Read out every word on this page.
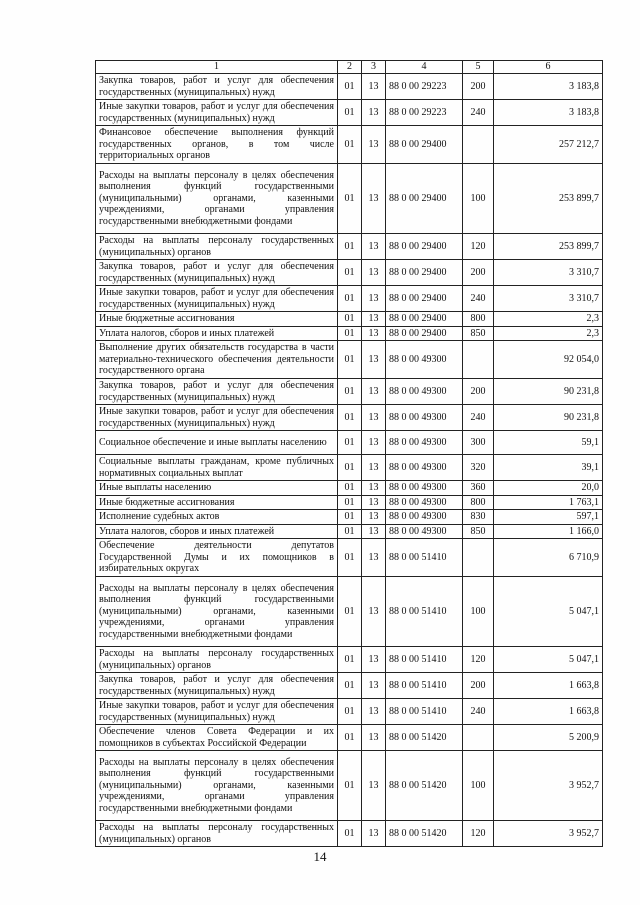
1	2	3	4	5	6
Закупка товаров, работ и услуг для обеспечения государственных (муниципальных) нужд	01	13	88 0 00 29223	200	3 183,8
Иные закупки товаров, работ и услуг для обеспечения государственных (муниципальных) нужд	01	13	88 0 00 29223	240	3 183,8
Финансовое обеспечение выполнения функций государственных органов, в том числе территориальных органов	01	13	88 0 00 29400		257 212,7
Расходы на выплаты персоналу в целях обеспечения выполнения функций государственными (муниципальными) органами, казенными учреждениями, органами управления государственными внебюджетными фондами	01	13	88 0 00 29400	100	253 899,7
Расходы на выплаты персоналу государственных (муниципальных) органов	01	13	88 0 00 29400	120	253 899,7
Закупка товаров, работ и услуг для обеспечения государственных (муниципальных) нужд	01	13	88 0 00 29400	200	3 310,7
Иные закупки товаров, работ и услуг для обеспечения государственных (муниципальных) нужд	01	13	88 0 00 29400	240	3 310,7
Иные бюджетные ассигнования	01	13	88 0 00 29400	800	2,3
Уплата налогов, сборов и иных платежей	01	13	88 0 00 29400	850	2,3
Выполнение других обязательств государства в части материально-технического обеспечения деятельности государственного органа	01	13	88 0 00 49300		92 054,0
Закупка товаров, работ и услуг для обеспечения государственных (муниципальных) нужд	01	13	88 0 00 49300	200	90 231,8
Иные закупки товаров, работ и услуг для обеспечения государственных (муниципальных) нужд	01	13	88 0 00 49300	240	90 231,8
Социальное обеспечение и иные выплаты населению	01	13	88 0 00 49300	300	59,1
Социальные выплаты гражданам, кроме публичных нормативных социальных выплат	01	13	88 0 00 49300	320	39,1
Иные выплаты населению	01	13	88 0 00 49300	360	20,0
Иные бюджетные ассигнования	01	13	88 0 00 49300	800	1 763,1
Исполнение судебных актов	01	13	88 0 00 49300	830	597,1
Уплата налогов, сборов и иных платежей	01	13	88 0 00 49300	850	1 166,0
Обеспечение деятельности депутатов Государственной Думы и их помощников в избирательных округах	01	13	88 0 00 51410		6 710,9
Расходы на выплаты персоналу в целях обеспечения выполнения функций государственными (муниципальными) органами, казенными учреждениями, органами управления государственными внебюджетными фондами	01	13	88 0 00 51410	100	5 047,1
Расходы на выплаты персоналу государственных (муниципальных) органов	01	13	88 0 00 51410	120	5 047,1
Закупка товаров, работ и услуг для обеспечения государственных (муниципальных) нужд	01	13	88 0 00 51410	200	1 663,8
Иные закупки товаров, работ и услуг для обеспечения государственных (муниципальных) нужд	01	13	88 0 00 51410	240	1 663,8
Обеспечение членов Совета Федерации и их помощников в субъектах Российской Федерации	01	13	88 0 00 51420		5 200,9
Расходы на выплаты персоналу в целях обеспечения выполнения функций государственными (муниципальными) органами, казенными учреждениями, органами управления государственными внебюджетными фондами	01	13	88 0 00 51420	100	3 952,7
Расходы на выплаты персоналу государственных (муниципальных) органов	01	13	88 0 00 51420	120	3 952,7
14
